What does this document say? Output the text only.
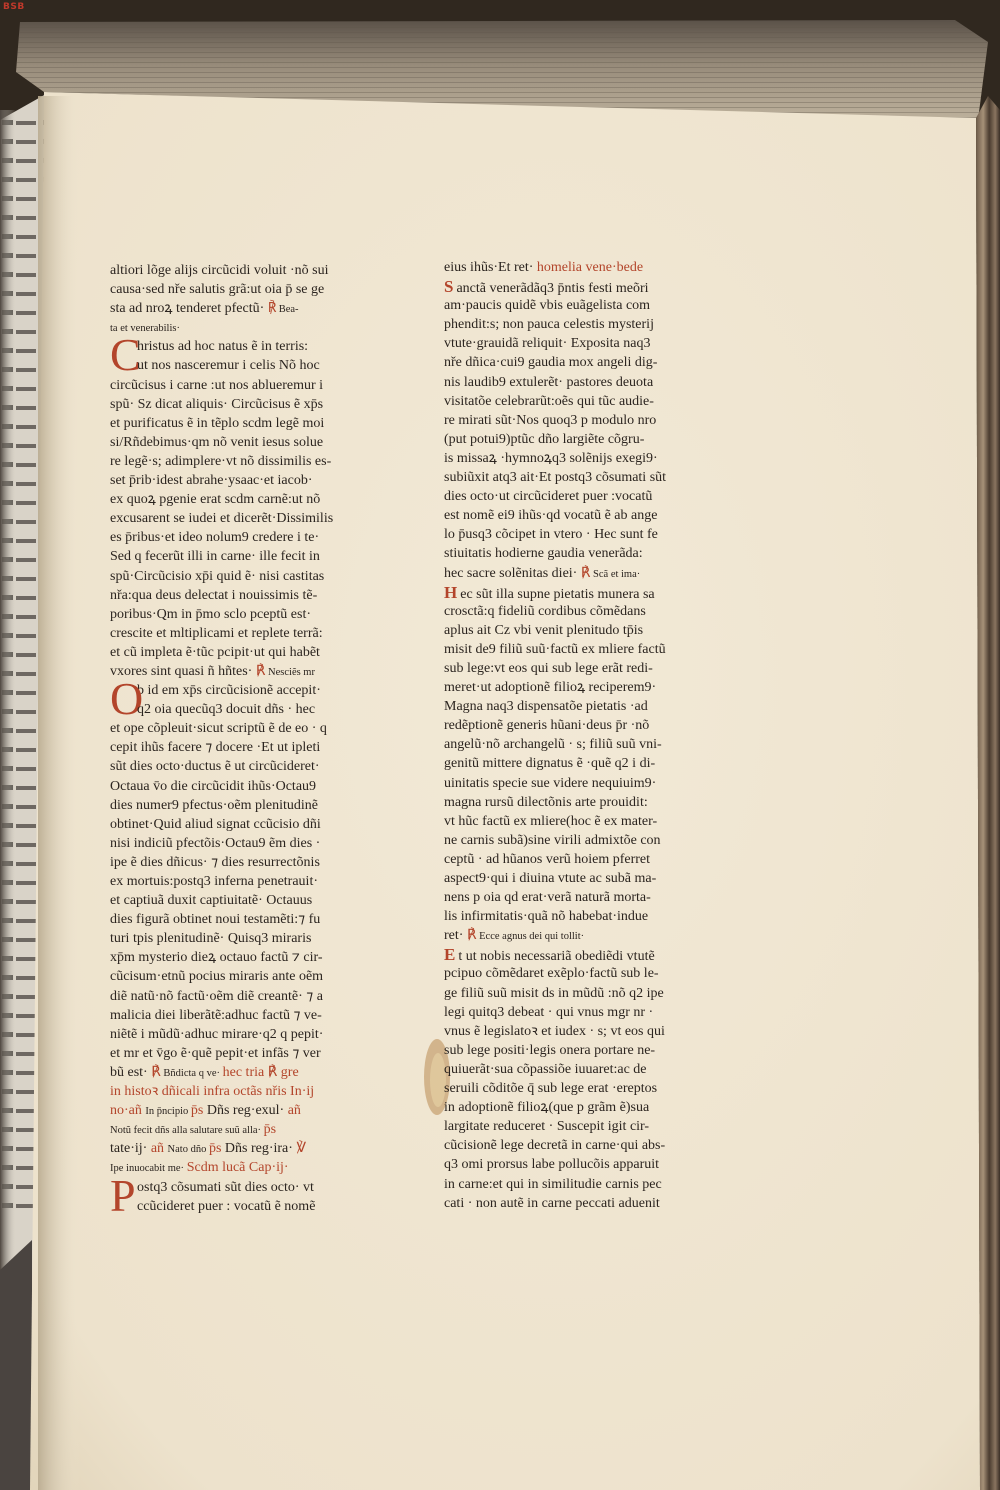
BSB
altiori lõge alijs circũcidi voluit ·nõ sui
causa·sed nře salutis grã:ut oia p̄ se ge
sta ad nroꝝ tenderet pfectũ· ℟ Bea-
ta et venerabilis·
C
hristus ad hoc natus ẽ in terris:
ut nos nasceremur i celis Nõ hoc
circũcisus i carne :ut nos ablueremur i
spũ· Sz dicat aliquis· Circũcisus ẽ xp̄s
et purificatus ẽ in tẽplo scdm legẽ moi
si/Rñdebimus·qm nõ venit iesus solue
re legẽ·s; adimplere·vt nõ dissimilis es-
set p̄rib·idest abrahe·ysaac·et iacob·
ex quoꝝ pgenie erat scdm carnẽ:ut nõ
excusarent se iudei et dicerẽt·Dissimilis
es p̄ribus·et ideo nolum9 credere i te·
Sed q fecerũt illi in carne· ille fecit in
spũ·Circũcisio xp̄i quid ẽ· nisi castitas
nřa:qua deus delectat i nouissimis tẽ-
poribus·Qm in p̄mo sclo pceptũ est·
crescite et mltiplicami et replete terrã:
et cũ impleta ẽ·tũc pcipit·ut qui habẽt
vxores sint quasi ñ hñtes· ℟ Nesciẽs mr
O
b id em xp̄s circũcisionẽ accepit·
q2 oia quecũq3 docuit dñs · hec
et ope cõpleuit·sicut scriptũ ẽ de eo · q
cepit ihũs facere ⁊ docere ·Et ut ipleti
sũt dies octo·ductus ẽ ut circũcideret·
Octaua v̄o die circũcidit ihũs·Octau9
dies numer9 pfectus·oẽm plenitudinẽ
obtinet·Quid aliud signat ccũcisio dñi
nisi indiciũ pfectõis·Octau9 ẽm dies ·
ipe ẽ dies dñicus· ⁊ dies resurrectõnis
ex mortuis:postq3 inferna penetrauit·
et captiuã duxit captiuitatẽ· Octauus
dies figurã obtinet noui testamẽti:⁊ fu
turi tpis plenitudinẽ· Quisq3 miraris
xp̄m mysterio dieꝝ octauo factũ ⁊ cir-
cũcisum·etnũ pocius miraris ante oẽm
diẽ natũ·nõ factũ·oẽm diẽ creantẽ· ⁊ a
malicia diei liberãtẽ:adhuc factũ ⁊ ve-
niẽtẽ i mũdũ·adhuc mirare·q2 q pepit·
et mr et v̄go ẽ·quẽ pepit·et infãs ⁊ ver
bũ est· ℟ Bñdicta q ve· hec tria ℟ gre
in histoꝛ dñicali infra octãs nřis In·ij
no·añ In p̄ncipio p̄s Dñs reg·exul· añ
Notũ fecit dñs alla salutare suũ alla· p̄s
tate·ij· añ Nato dño p̄s Dñs reg·ira· ℣
Ipe inuocabit me· Scdm lucã Cap·ij·
P ostq3 cõsumati sũt dies octo· vt
ccũcideret puer : vocatũ ẽ nomẽ
eius ihũs·Et ret· homelia vene·bede
S anctã venerãdãq3 p̄ntis festi meõri
am·paucis quidẽ vbis euãgelista com
phendit:s; non pauca celestis mysterij
vtute·grauidã reliquit· Exposita naq3
nře dñica·cui9 gaudia mox angeli dig-
nis laudib9 extulerẽt· pastores deuota
visitatõe celebrarũt:oẽs qui tũc audie-
re mirati sũt·Nos quoq3 p modulo nro
(put potui9)ptũc dño largiẽte cõgru-
is missaꝝ ·hymnoꝝq3 solẽnijs exegi9·
subiũxit atq3 ait·Et postq3 cõsumati sũt
dies octo·ut circũcideret puer :vocatũ
est nomẽ ei9 ihũs·qd vocatũ ẽ ab ange
lo p̄usq3 cõcipet in vtero · Hec sunt fe
stiuitatis hodierne gaudia venerãda:
hec sacre solẽnitas diei· ℟ Scã et ima·
H ec sũt illa supne pietatis munera sa
crosctã:q fideliũ cordibus cõmẽdans
aplus ait Cz vbi venit plenitudo tp̄is
misit de9 filiũ suũ·factũ ex mliere factũ
sub lege:vt eos qui sub lege erãt redi-
meret·ut adoptionẽ filioꝝ reciperem9·
Magna naq3 dispensatõe pietatis ·ad
redẽptionẽ generis hũani·deus p̄r ·nõ
angelũ·nõ archangelũ · s; filiũ suũ vni-
genitũ mittere dignatus ẽ ·quẽ q2 i di-
uinitatis specie sue videre nequiuim9·
magna rursũ dilectõnis arte prouidit:
vt hũc factũ ex mliere(hoc ẽ ex mater-
ne carnis subã)sine virili admixtõe con
ceptũ · ad hũanos verũ hoiem pferret
aspect9·qui i diuina vtute ac subã ma-
nens p oia qd erat·verã naturã morta-
lis infirmitatis·quã nõ habebat·indue
ret· ℟ Ecce agnus dei qui tollit·
E t ut nobis necessariã obediẽdi vtutẽ
pcipuo cõmẽdaret exẽplo·factũ sub le-
ge filiũ suũ misit ds in mũdũ :nõ q2 ipe
legi quitq3 debeat · qui vnus mgr nr ·
vnus ẽ legislatoꝛ et iudex · s; vt eos qui
sub lege positi·legis onera portare ne-
quiuerãt·sua cõpassiõe iuuaret:ac de
seruili cõditõe q̄ sub lege erat ·ereptos
in adoptionẽ filioꝝ(que p grãm ẽ)sua
largitate reduceret · Suscepit igit cir-
cũcisionẽ lege decretã in carne·qui abs-
q3 omi prorsus labe pollucõis apparuit
in carne:et qui in similitudie carnis pec
cati · non autẽ in carne peccati aduenit
